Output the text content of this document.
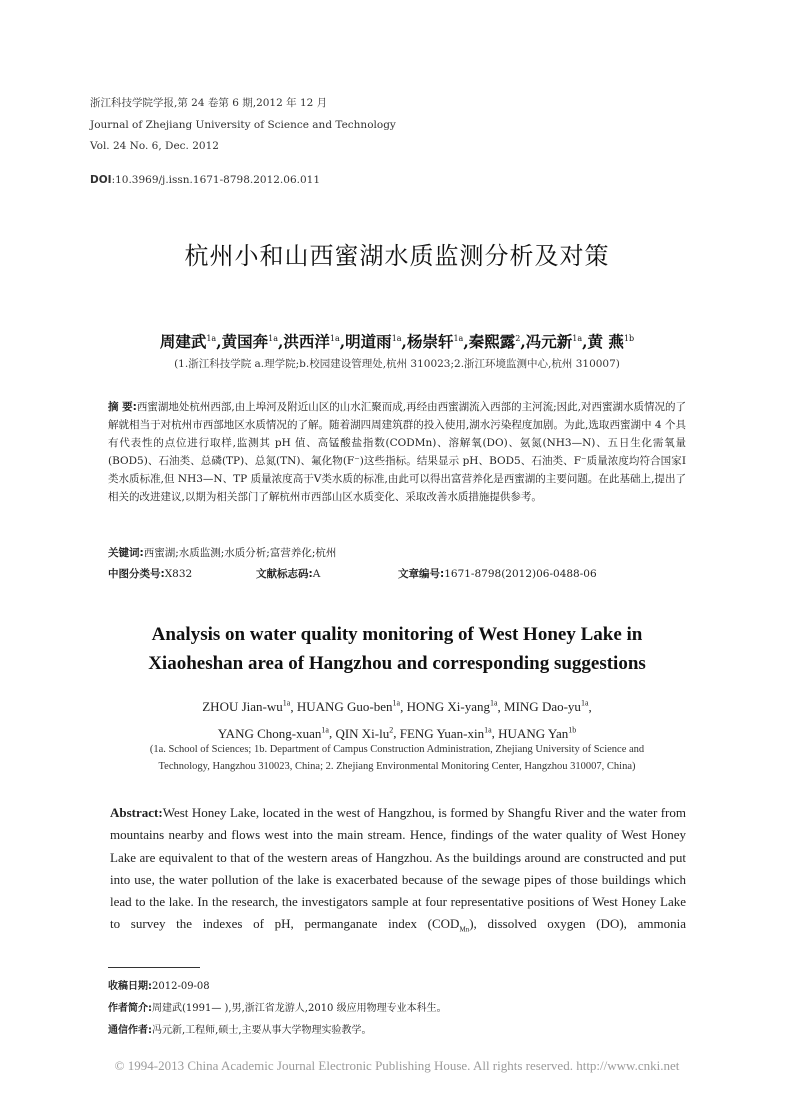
浙江科技学院学报,第 24 卷第 6 期,2012 年 12 月
Journal of Zhejiang University of Science and Technology
Vol. 24 No. 6, Dec. 2012
DOI:10.3969/j.issn.1671-8798.2012.06.011
杭州小和山西蜜湖水质监测分析及对策
周建武$^{1a}$,黄国奔$^{1a}$,洪西洋$^{1a}$,明道雨$^{1a}$,杨崇轩$^{1a}$,秦熙露$^2$,冯元新$^{1a}$,黄 燕$^{1b}$
(1.浙江科技学院 a.理学院;b.校园建设管理处,杭州 310023;2.浙江环境监测中心,杭州 310007)
摘 要:西蜜湖地处杭州西部,由上埠河及附近山区的山水汇聚而成,再经由西蜜湖流入西部的主河流;因此,对西蜜湖水质情况的了解就相当于对杭州市西部地区水质情况的了解。随着湖四周建筑群的投入使用,湖水污染程度加剧。为此,选取西蜜湖中 4 个具有代表性的点位进行取样,监测其 pH 值、高锰酸盐指数(CODMn)、溶解氧(DO)、氨氮(NH3—N)、五日生化需氧量(BOD5)、石油类、总磷(TP)、总氮(TN)、氟化物(F⁻)这些指标。结果显示 pH、BOD5、石油类、F⁻质量浓度均符合国家Ⅰ类水质标准,但 NH3—N、TP 质量浓度高于Ⅴ类水质的标准,由此可以得出富营养化是西蜜湖的主要问题。在此基础上,提出了相关的改进建议,以期为相关部门了解杭州市西部山区水质变化、采取改善水质措施提供参考。
关键词:西蜜湖;水质监测;水质分析;富营养化;杭州
中图分类号:X832	文献标志码:A	文章编号:1671-8798(2012)06-0488-06
Analysis on water quality monitoring of West Honey Lake in
Xiaoheshan area of Hangzhou and corresponding suggestions
ZHOU Jian-$wu^{1a}$, HUANG Guo-ben$^{1a}$, HONG Xi-yang$^{1a}$, MING Dao-$yu^{1a}$,
YANG Chong-xuan$^{1a}$, QIN $Xi-lu^2$, FENG Yuan-xin$^{1a}$, HUANG Yan$^{1b}$
(1a. School of Sciences; 1b. Department of Campus Construction Administration, Zhejiang University of Science and
Technology, Hangzhou 310023, China; 2. Zhejiang Environmental Monitoring Center, Hangzhou 310007, China)
Abstract:West Honey Lake, located in the west of Hangzhou, is formed by Shangfu River and the water from mountains nearby and flows west into the main stream. Hence, findings of the water quality of West Honey Lake are equivalent to that of the western areas of Hangzhou. As the buildings around are constructed and put into use, the water pollution of the lake is exacerbated because of the sewage pipes of those buildings which lead to the lake. In the research, the investigators sample at four representative positions of West Honey Lake to survey the indexes of pH, permanganate index $(COD_{Mn})$, dissolved oxygen (DO), ammonia
收稿日期:2012-09-08
作者简介:周建武(1991— ),男,浙江省龙游人,2010 级应用物理专业本科生。
通信作者:冯元新,工程师,硕士,主要从事大学物理实验教学。
© 1994-2013 China Academic Journal Electronic Publishing House. All rights reserved. http://www.cnki.net
